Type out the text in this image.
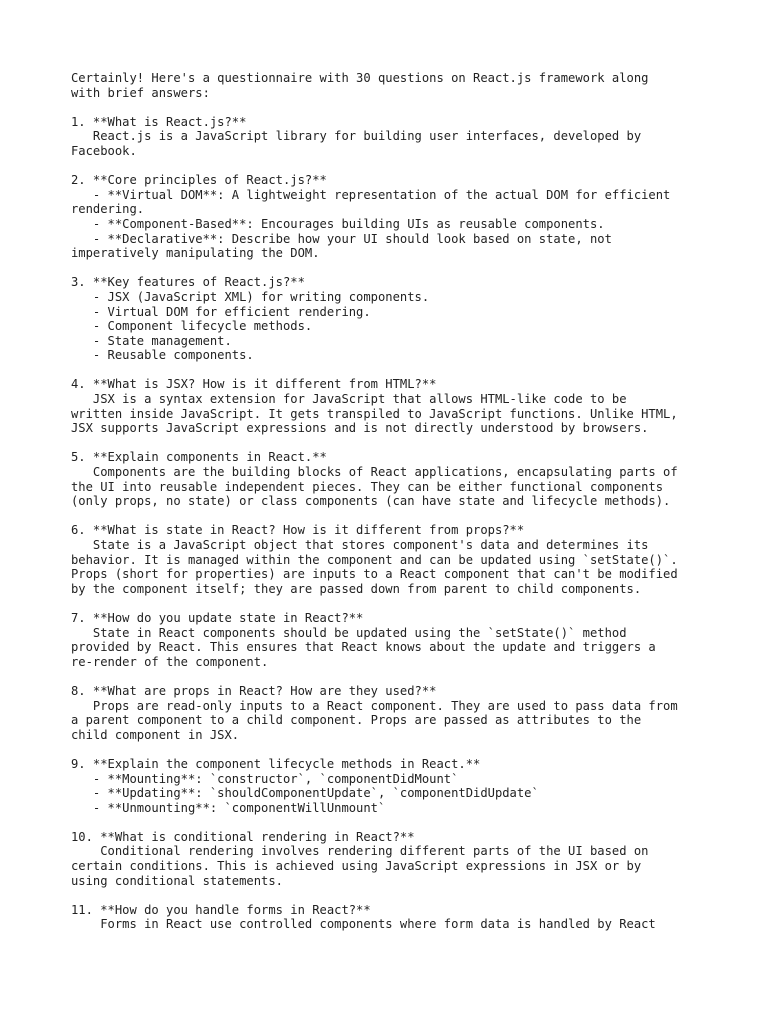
Certainly! Here's a questionnaire with 30 questions on React.js framework along
with brief answers:
1. **What is React.js?**
React.js is a JavaScript library for building user interfaces, developed by
Facebook.
2. **Core principles of React.js?**
- **Virtual DOM**: A lightweight representation of the actual DOM for efficient
rendering.
- **Component-Based**: Encourages building UIs as reusable components.
- **Declarative**: Describe how your UI should look based on state, not
imperatively manipulating the DOM.
3. **Key features of React.js?**
- JSX (JavaScript XML) for writing components.
- Virtual DOM for efficient rendering.
- Component lifecycle methods.
- State management.
- Reusable components.
4. **What is JSX? How is it different from HTML?**
JSX is a syntax extension for JavaScript that allows HTML-like code to be
written inside JavaScript. It gets transpiled to JavaScript functions. Unlike HTML,
JSX supports JavaScript expressions and is not directly understood by browsers.
5. **Explain components in React.**
Components are the building blocks of React applications, encapsulating parts of
the UI into reusable independent pieces. They can be either functional components
(only props, no state) or class components (can have state and lifecycle methods).
6. **What is state in React? How is it different from props?**
State is a JavaScript object that stores component's data and determines its
behavior. It is managed within the component and can be updated using `setState()`.
Props (short for properties) are inputs to a React component that can't be modified
by the component itself; they are passed down from parent to child components.
7. **How do you update state in React?**
State in React components should be updated using the `setState()` method
provided by React. This ensures that React knows about the update and triggers a
re-render of the component.
8. **What are props in React? How are they used?**
Props are read-only inputs to a React component. They are used to pass data from
a parent component to a child component. Props are passed as attributes to the
child component in JSX.
9. **Explain the component lifecycle methods in React.**
- **Mounting**: `constructor`, `componentDidMount`
- **Updating**: `shouldComponentUpdate`, `componentDidUpdate`
- **Unmounting**: `componentWillUnmount`
10. **What is conditional rendering in React?**
Conditional rendering involves rendering different parts of the UI based on
certain conditions. This is achieved using JavaScript expressions in JSX or by
using conditional statements.
11. **How do you handle forms in React?**
Forms in React use controlled components where form data is handled by React
